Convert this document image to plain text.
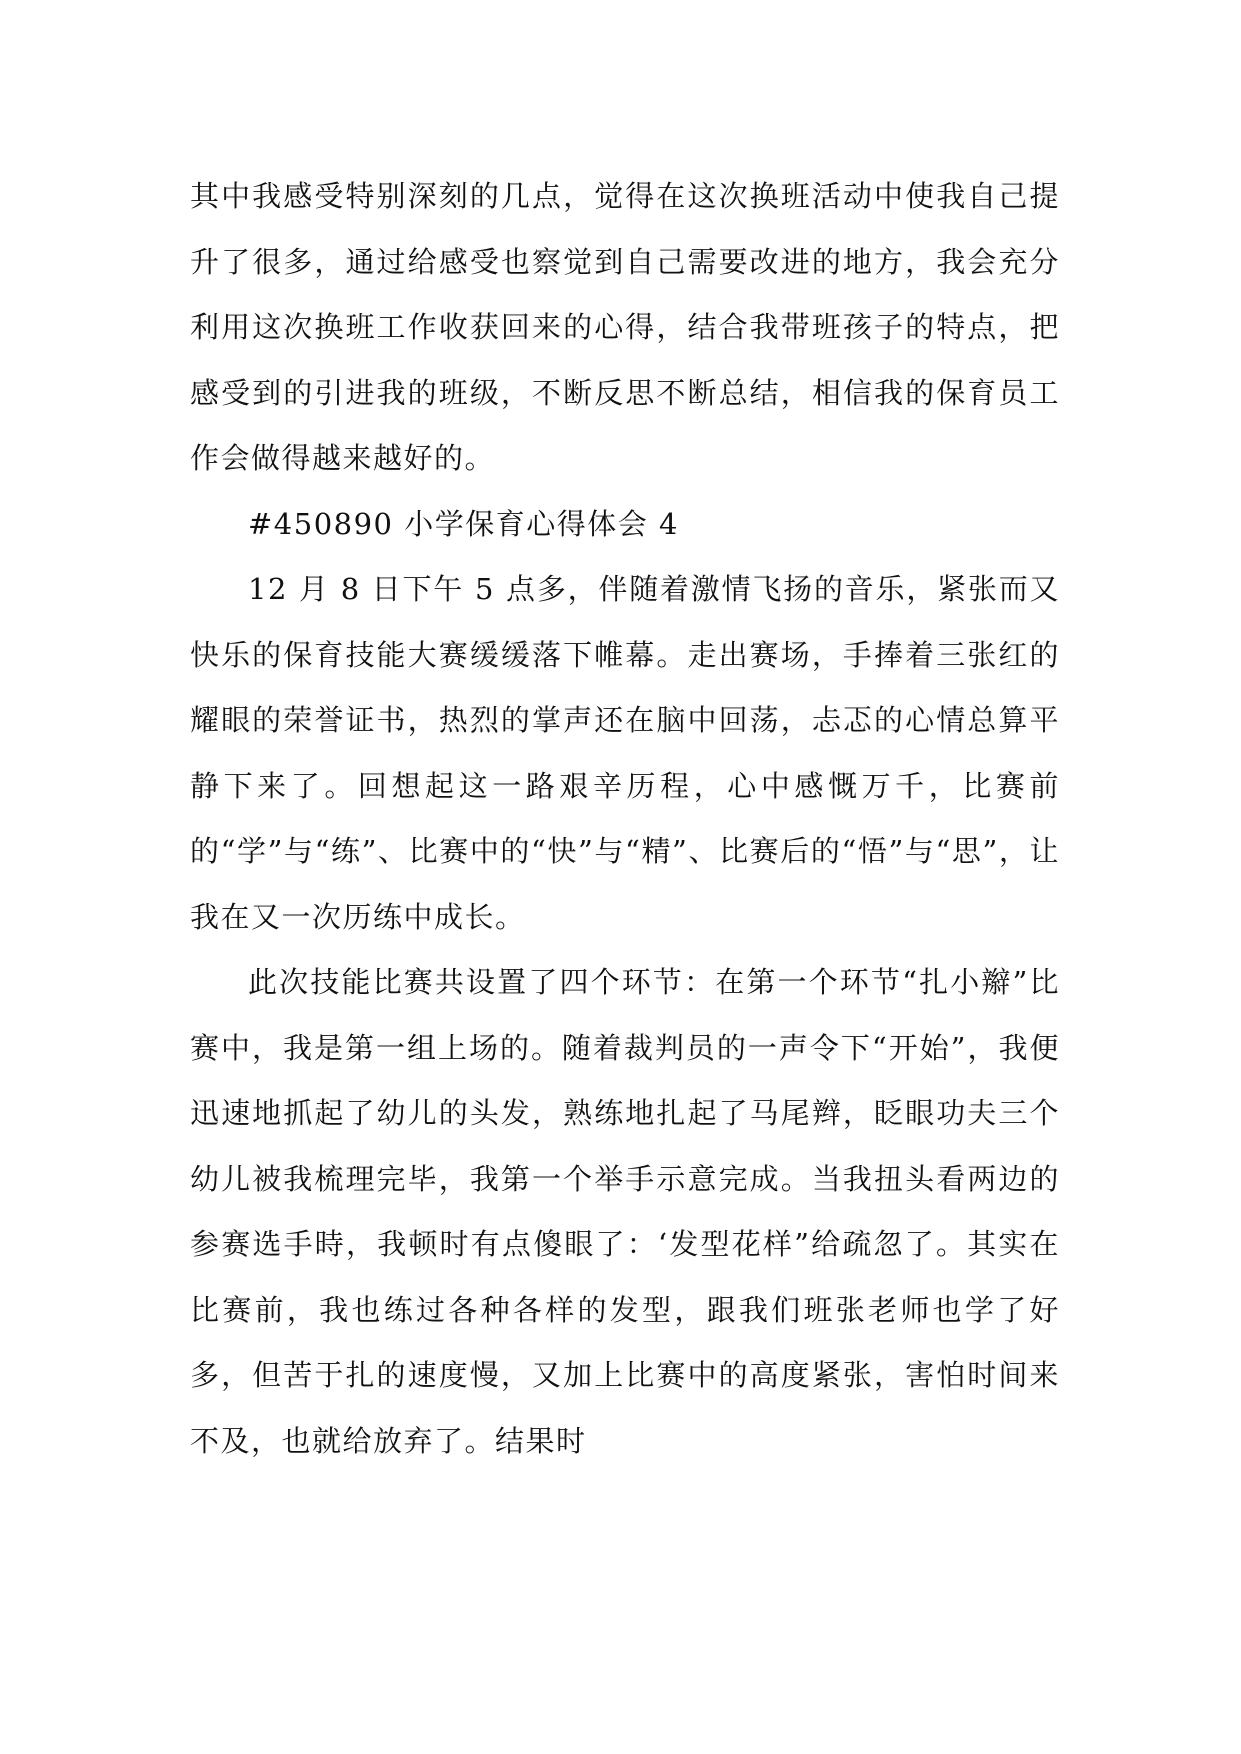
其中我感受特别深刻的几点，觉得在这次换班活动中使我自己提升了很多，通过给感受也察觉到自己需要改进的地方，我会充分利用这次换班工作收获回来的心得，结合我带班孩子的特点，把感受到的引进我的班级，不断反思不断总结，相信我的保育员工作会做得越来越好的。

#450890 小学保育心得体会 4

12 月 8 日下午 5 点多，伴随着激情飞扬的音乐，紧张而又快乐的保育技能大赛缓缓落下帷幕。走出赛场，手捧着三张红的耀眼的荣誉证书，热烈的掌声还在脑中回荡，忐忑的心情总算平静下来了。回想起这一路艰辛历程，心中感慨万千，比赛前的“学”与“练”、比赛中的“快”与“精”、比赛后的“悟”与“思”，让我在又一次历练中成长。

此次技能比赛共设置了四个环节：在第一个环节“扎小辮”比赛中，我是第一组上场的。随着裁判员的一声令下“开始”，我便迅速地抓起了幼儿的头发，熟练地扎起了马尾辫，眨眼功夫三个幼儿被我梳理完毕，我第一个举手示意完成。当我扭头看两边的参赛选手時，我顿时有点傻眼了：‘发型花样”给疏忽了。其实在比赛前，我也练过各种各样的发型，跟我们班张老师也学了好多，但苦于扎的速度慢，又加上比赛中的高度紧张，害怕时间来不及，也就给放弃了。结果时
